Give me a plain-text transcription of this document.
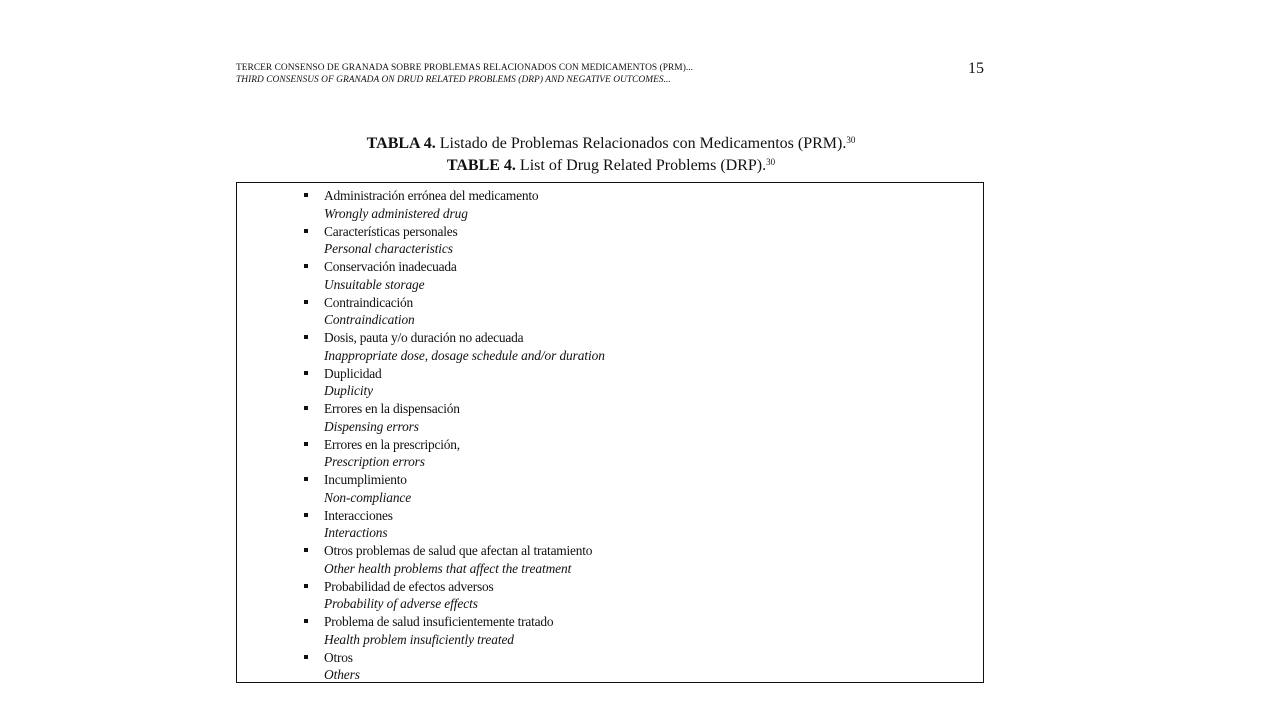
TERCER CONSENSO DE GRANADA SOBRE PROBLEMAS RELACIONADOS CON MEDICAMENTOS (PRM)...
THIRD CONSENSUS OF GRANADA ON DRUD RELATED PROBLEMS (DRP) AND NEGATIVE OUTCOMES...
15
TABLA 4. Listado de Problemas Relacionados con Medicamentos (PRM).$^{30}$
TABLE 4. List of Drug Related Problems (DRP).$^{30}$
Administración errónea del medicamento
Wrongly administered drug
Características personales
Personal characteristics
Conservación inadecuada
Unsuitable storage
Contraindicación
Contraindication
Dosis, pauta y/o duración no adecuada
Inappropriate dose, dosage schedule and/or duration
Duplicidad
Duplicity
Errores en la dispensación
Dispensing errors
Errores en la prescripción,
Prescription errors
Incumplimiento
Non-compliance
Interacciones
Interactions
Otros problemas de salud que afectan al tratamiento
Other health problems that affect the treatment
Probabilidad de efectos adversos
Probability of adverse effects
Problema de salud insuficientemente tratado
Health problem insuficiently treated
Otros
Others
